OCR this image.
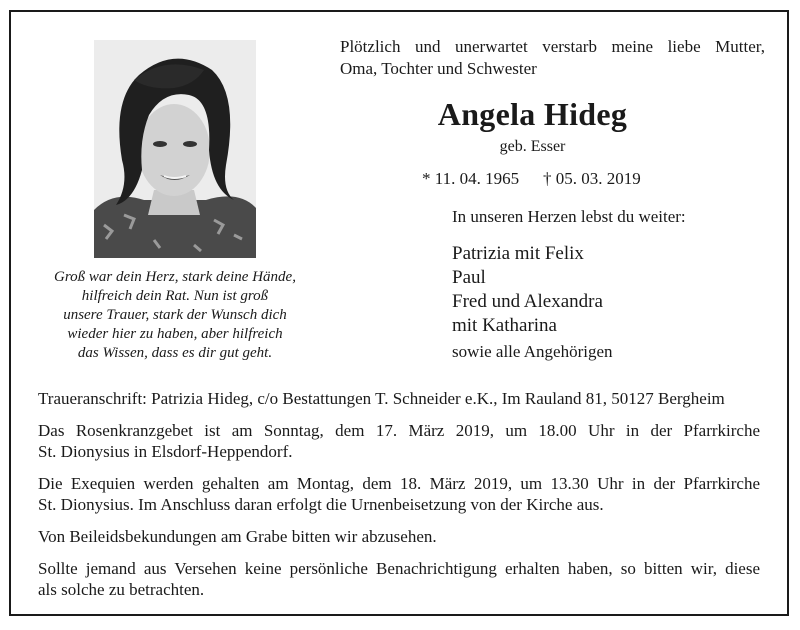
Groß war dein Herz, stark deine Hände,
hilfreich dein Rat. Nun ist groß
unsere Trauer, stark der Wunsch dich
wieder hier zu haben, aber hilfreich
das Wissen, dass es dir gut geht.
Plötzlich und unerwartet verstarb meine liebe Mutter,
Oma, Tochter und Schwester
Angela Hideg
geb. Esser
* 11. 04. 1965 † 05. 03. 2019
In unseren Herzen lebst du weiter:
Patrizia mit Felix
Paul
Fred und Alexandra
mit Katharina
sowie alle Angehörigen

Traueranschrift: Patrizia Hideg, c/o Bestattungen T. Schneider e.K., Im Rauland 81, 50127 Bergheim

Das Rosenkranzgebet ist am Sonntag, dem 17. März 2019, um 18.00 Uhr in der Pfarrkirche
St. Dionysius in Elsdorf-Heppendorf.

Die Exequien werden gehalten am Montag, dem 18. März 2019, um 13.30 Uhr in der Pfarrkirche
St. Dionysius. Im Anschluss daran erfolgt die Urnenbeisetzung von der Kirche aus.

Von Beileidsbekundungen am Grabe bitten wir abzusehen.

Sollte jemand aus Versehen keine persönliche Benachrichtigung erhalten haben, so bitten wir, diese
als solche zu betrachten.
